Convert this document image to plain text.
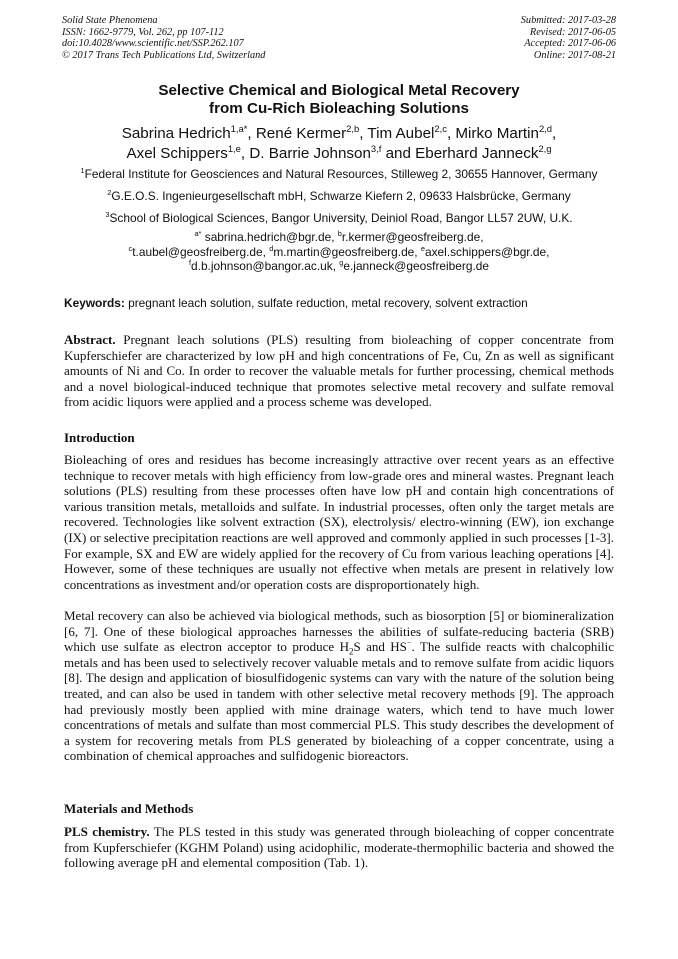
Solid State Phenomena
ISSN: 1662-9779, Vol. 262, pp 107-112
doi:10.4028/www.scientific.net/SSP.262.107
© 2017 Trans Tech Publications Ltd, Switzerland
Submitted: 2017-03-28
Revised: 2017-06-05
Accepted: 2017-06-06
Online: 2017-08-21
Selective Chemical and Biological Metal Recovery
from Cu-Rich Bioleaching Solutions
Sabrina Hedrich$^{1,a*}$, René Kermer$^{2,b}$, Tim Aubel$^{2,c}$, Mirko Martin$^{2,d}$,
Axel Schippers$^{1,e}$, D. Barrie Johnson$^{3,f}$ and Eberhard Janneck$^{2,g}$
$^1$Federal Institute for Geosciences and Natural Resources, Stilleweg 2, 30655 Hannover, Germany
$^2$G.E.O.S. Ingenieurgesellschaft mbH, Schwarze Kiefern 2, 09633 Halsbrücke, Germany
$^3$School of Biological Sciences, Bangor University, Deiniol Road, Bangor LL57 2UW, U.K.
$^{a*}$ sabrina.hedrich@bgr.de, $^b$r.kermer@geosfreiberg.de,
$^c$t.aubel@geosfreiberg.de, $^d$m.martin@geosfreiberg.de, $^e$axel.schippers@bgr.de,
$^f$d.b.johnson@bangor.ac.uk, $^g$e.janneck@geosfreiberg.de
Keywords: pregnant leach solution, sulfate reduction, metal recovery, solvent extraction
Abstract. Pregnant leach solutions (PLS) resulting from bioleaching of copper concentrate from Kupferschiefer are characterized by low pH and high concentrations of Fe, Cu, Zn as well as significant amounts of Ni and Co. In order to recover the valuable metals for further processing, chemical methods and a novel biological-induced technique that promotes selective metal recovery and sulfate removal from acidic liquors were applied and a process scheme was developed.
Introduction
Bioleaching of ores and residues has become increasingly attractive over recent years as an effective technique to recover metals with high efficiency from low-grade ores and mineral wastes. Pregnant leach solutions (PLS) resulting from these processes often have low pH and contain high concentrations of various transition metals, metalloids and sulfate. In industrial processes, often only the target metals are recovered. Technologies like solvent extraction (SX), electrolysis/ electro-winning (EW), ion exchange (IX) or selective precipitation reactions are well approved and commonly applied in such processes [1-3]. For example, SX and EW are widely applied for the recovery of Cu from various leaching operations [4]. However, some of these techniques are usually not effective when metals are present in relatively low concentrations as investment and/or operation costs are disproportionately high.
Metal recovery can also be achieved via biological methods, such as biosorption [5] or biomineralization [6, 7]. One of these biological approaches harnesses the abilities of sulfate-reducing bacteria (SRB) which use sulfate as electron acceptor to produce $H_2S$ and HS−. The sulfide reacts with chalcophilic metals and has been used to selectively recover valuable metals and to remove sulfate from acidic liquors [8]. The design and application of biosulfidogenic systems can vary with the nature of the solution being treated, and can also be used in tandem with other selective metal recovery methods [9]. The approach had previously mostly been applied with mine drainage waters, which tend to have much lower concentrations of metals and sulfate than most commercial PLS. This study describes the development of a system for recovering metals from PLS generated by bioleaching of a copper concentrate, using a combination of chemical approaches and sulfidogenic bioreactors.
Materials and Methods
PLS chemistry. The PLS tested in this study was generated through bioleaching of copper concentrate from Kupferschiefer (KGHM Poland) using acidophilic, moderate-thermophilic bacteria and showed the following average pH and elemental composition (Tab. 1).
